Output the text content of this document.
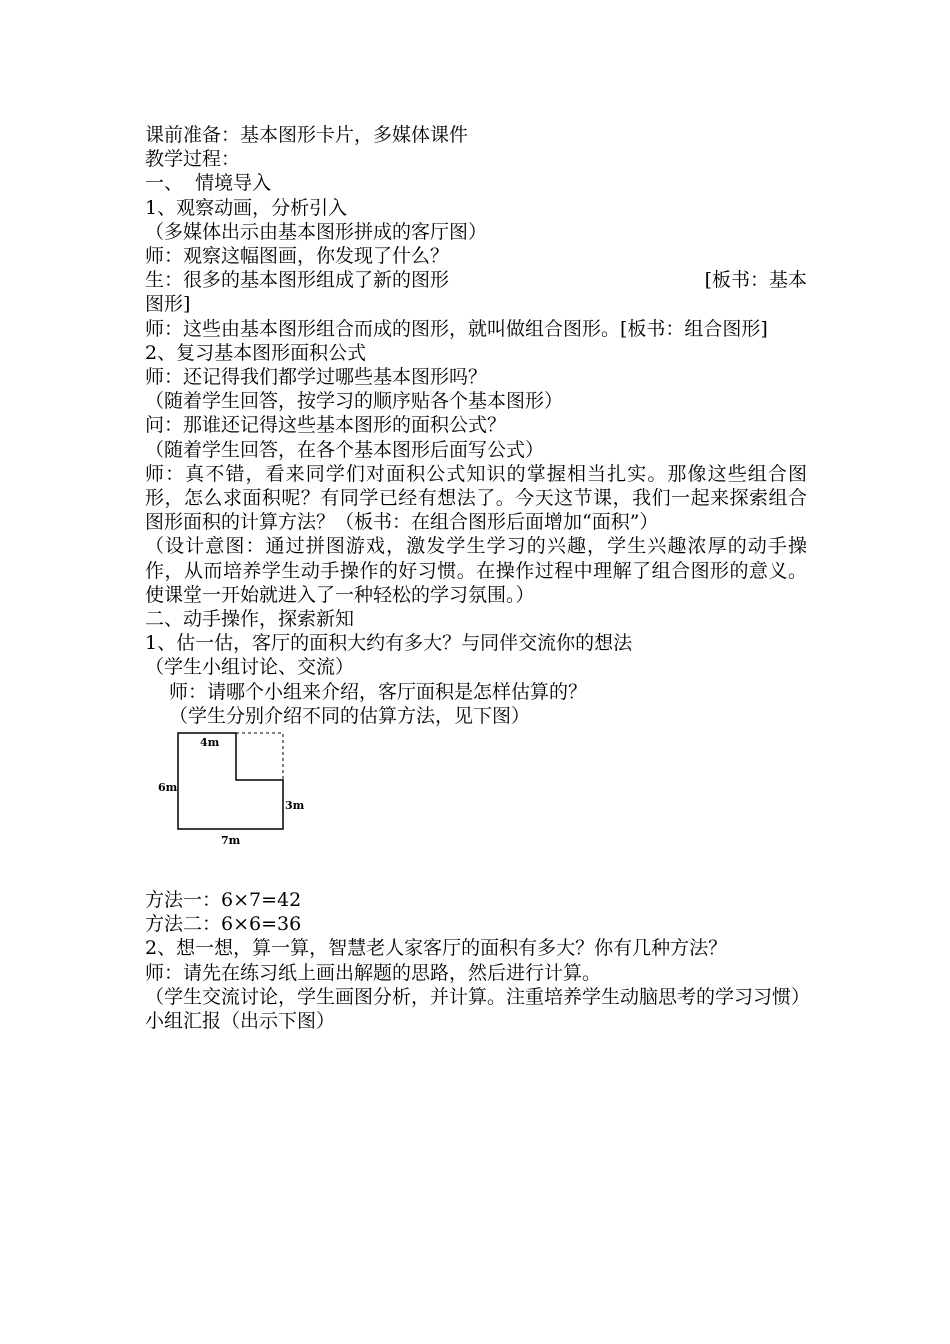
课前准备：基本图形卡片，多媒体课件

教学过程：

一、  情境导入

1、观察动画，分析引入

（多媒体出示由基本图形拼成的客厅图）

师：观察这幅图画，你发现了什么？

生：很多的基本图形组成了新的图形	[板书：基本

图形]

师：这些由基本图形组合而成的图形，就叫做组合图形。[板书：组合图形]

2、复习基本图形面积公式

师：还记得我们都学过哪些基本图形吗？

（随着学生回答，按学习的顺序贴各个基本图形）

问：那谁还记得这些基本图形的面积公式？

（随着学生回答，在各个基本图形后面写公式）

师：真不错，看来同学们对面积公式知识的掌握相当扎实。那像这些组合图形，怎么求面积呢？有同学已经有想法了。今天这节课，我们一起来探索组合图形面积的计算方法？（板书：在组合图形后面增加“面积”）

（设计意图：通过拼图游戏，激发学生学习的兴趣，学生兴趣浓厚的动手操作，从而培养学生动手操作的好习惯。在操作过程中理解了组合图形的意义。使课堂一开始就进入了一种轻松的学习氛围。）

二、动手操作，探索新知

1、估一估，客厅的面积大约有多大？与同伴交流你的想法

（学生小组讨论、交流）

师：请哪个小组来介绍，客厅面积是怎样估算的？

（学生分别介绍不同的估算方法，见下图）

4m
6m
3m
7m

方法一：6×7=42

方法二：6×6=36

2、想一想，算一算，智慧老人家客厅的面积有多大？你有几种方法？

师：请先在练习纸上画出解题的思路，然后进行计算。

（学生交流讨论，学生画图分析，并计算。注重培养学生动脑思考的学习习惯）

小组汇报（出示下图）
